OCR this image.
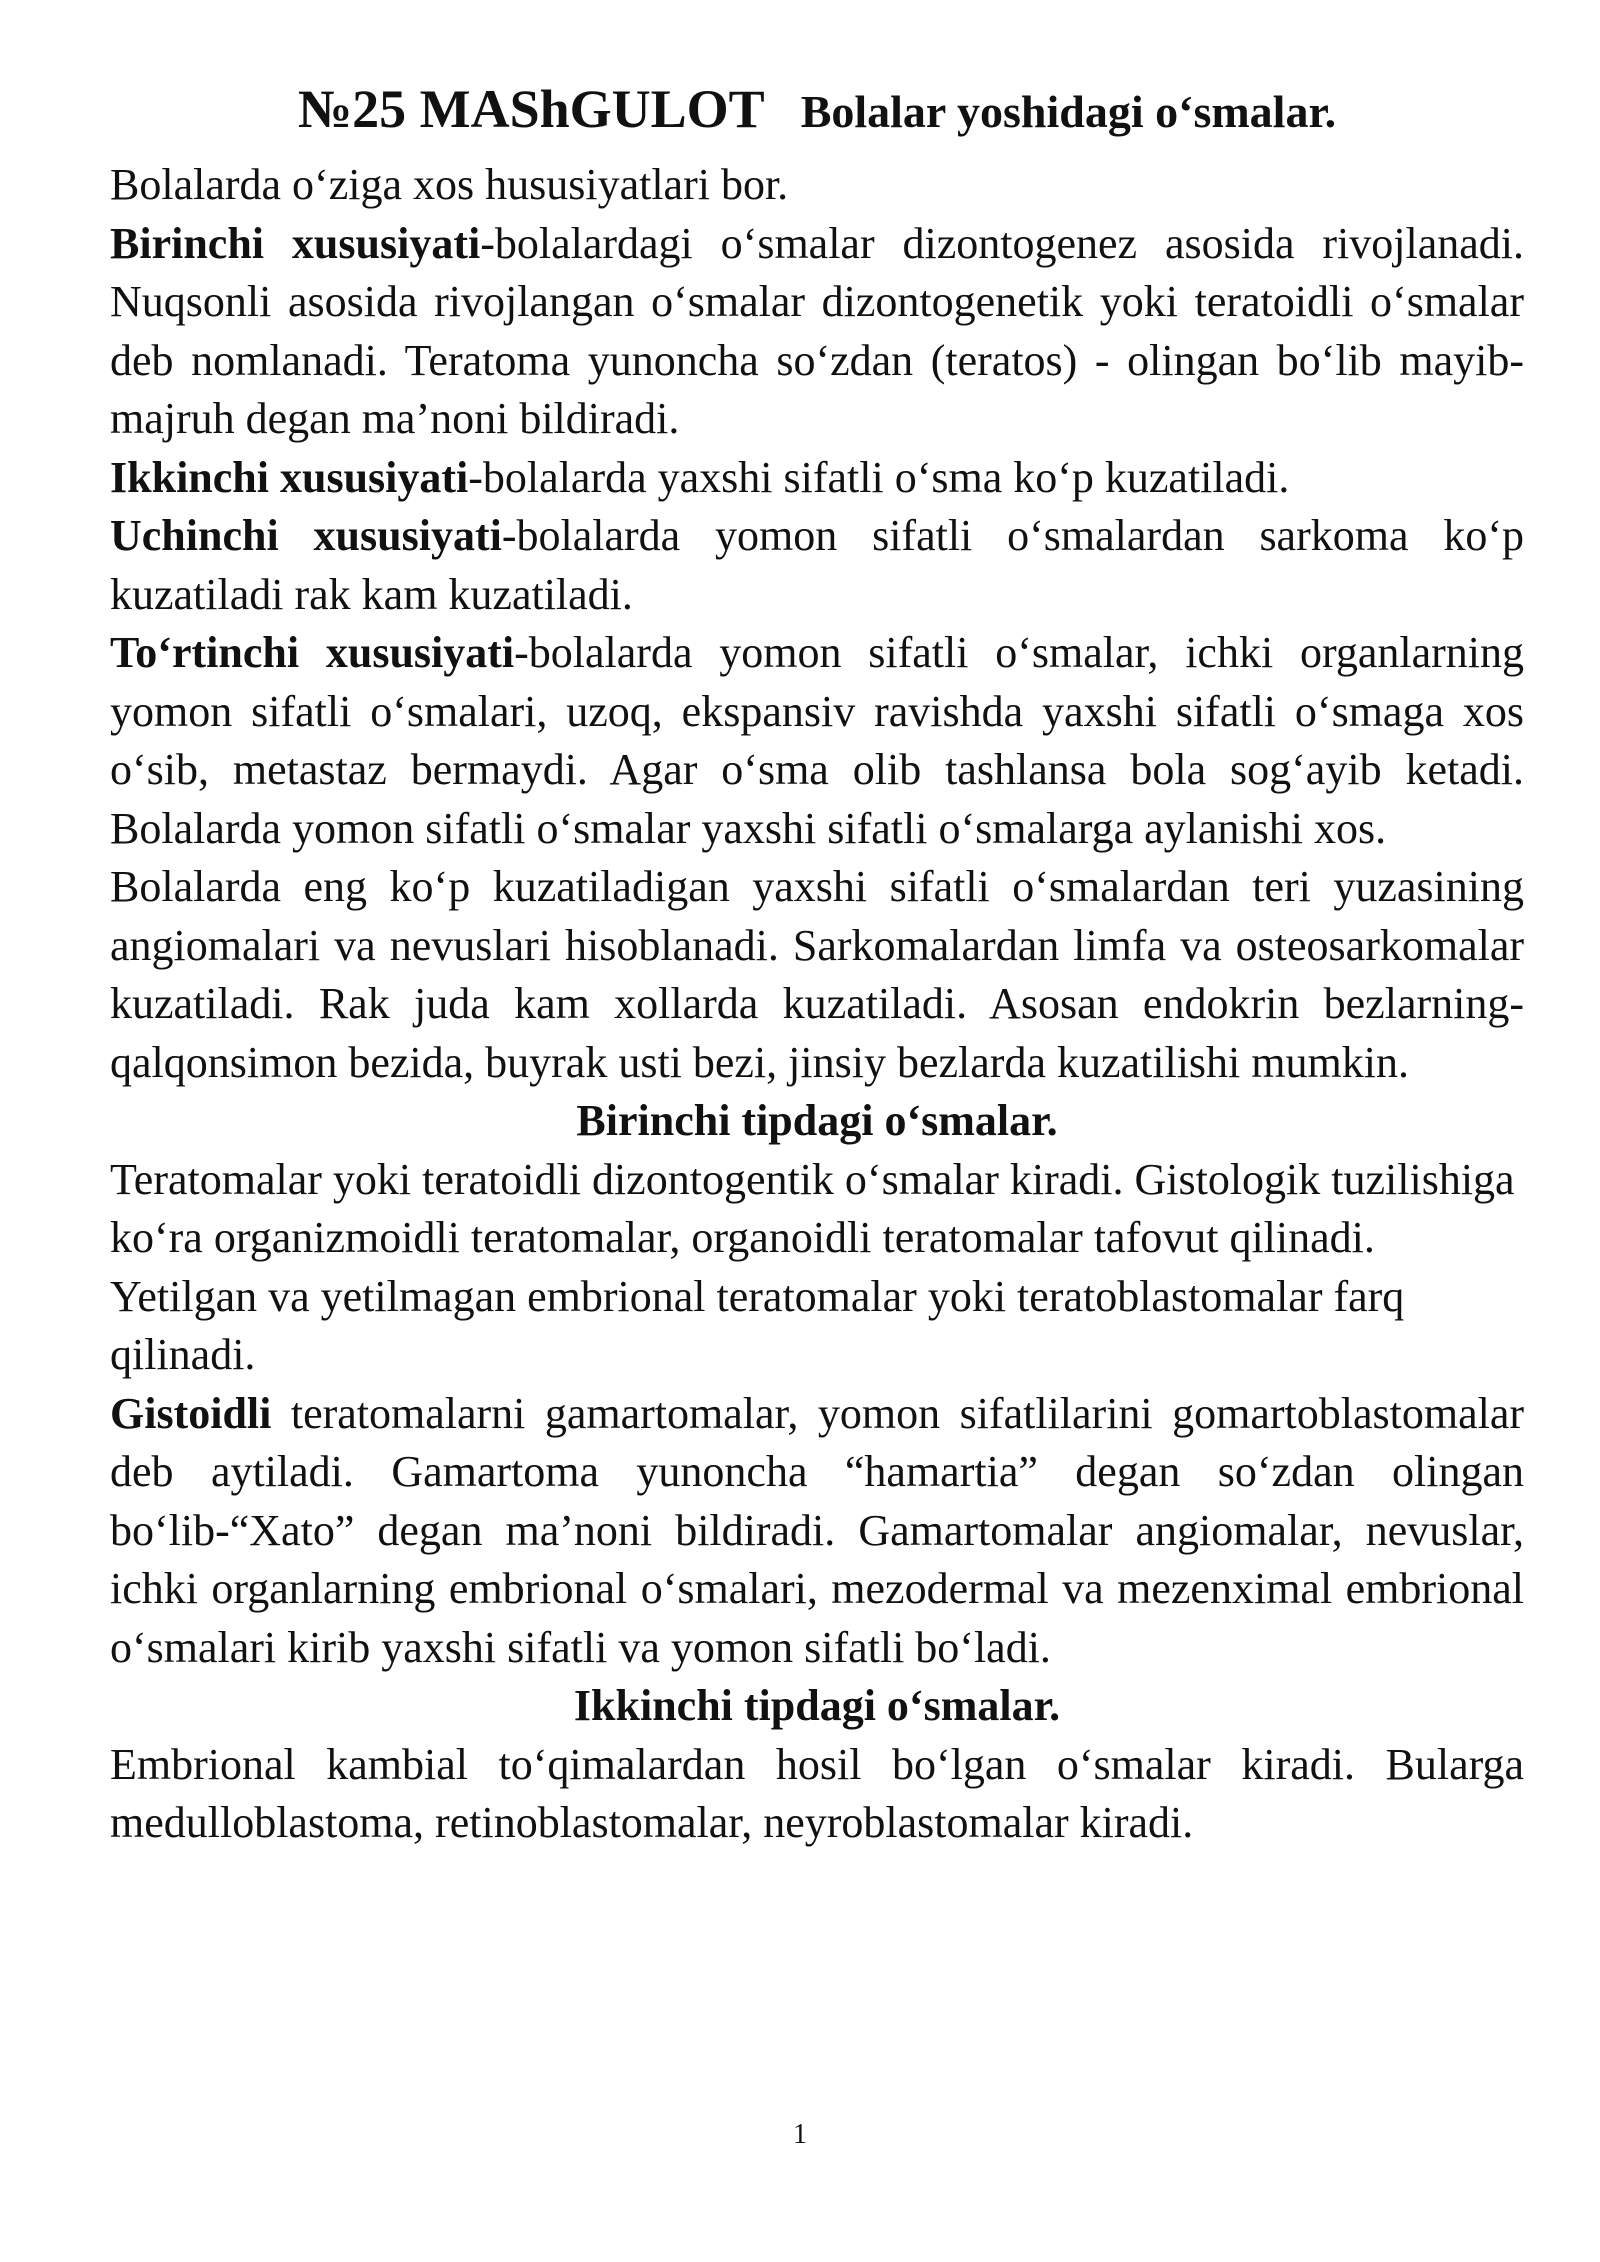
№25 MAShGULOT Bolalar yoshidagi o‘smalar.

Bolalarda o‘ziga xos hususіyatlari bor.

Birinchi xususiyati-bolalardagi o‘smalar dizontogenez asosida rivojlanadi. Nuqsonli asosida rivojlangan o‘smalar dizontogenetik yoki teratoidli o‘smalar deb nomlanadi. Teratoma yunoncha so‘zdan (teratos) - olingan bo‘lib mayib-majruh degan ma’noni bildiradi.

Ikkinchi xususiyati-bolalarda yaxshi sifatli o‘sma ko‘p kuzatiladi.

Uchinchi xususiyati-bolalarda yomon sifatli o‘smalardan sarkoma ko‘p kuzatiladi rak kam kuzatiladi.

To‘rtinchi xususiyati-bolalarda yomon sifatli o‘smalar, ichki organlarning yomon sifatli o‘smalari, uzoq, ekspansiv ravishda yaxshi sifatli o‘smaga xos o‘sib, metastaz bermaydi. Agar o‘sma olib tashlansa bola sog‘ayib ketadi. Bolalarda yomon sifatli o‘smalar yaxshi sifatli o‘smalarga aylanishi xos.

Bolalarda eng ko‘p kuzatiladigan yaxshi sifatli o‘smalardan teri yuzasining angiomalari va nevuslari hisoblanadi. Sarkomalardan limfa va osteosarkomalar kuzatiladi. Rak juda kam xollarda kuzatiladi. Asosan endokrin bezlarning-qalqonsimon bezida, buyrak usti bezi, jinsiy bezlarda kuzatilishi mumkin.

Birinchi tipdagi o‘smalar.

Teratomalar yoki teratoidli dizontogentik o‘smalar kiradi. Gistologik tuzilishiga ko‘ra organizmoidli teratomalar, organoidli teratomalar tafovut qilinadi. Yetilgan va yetilmagan embrional teratomalar yoki teratoblastomalar farq qilinadi.

Gistoidli teratomalarni gamartomalar, yomon sifatlilarini gomartoblastomalar deb aytiladi. Gamartoma yunoncha “hamartia” degan so‘zdan olingan bo‘lib-“Xato” degan ma’noni bildiradi. Gamartomalar angiomalar, nevuslar, ichki organlarning embrional o‘smalari, mezodermal va mezenximal embrional o‘smalari kirib yaxshi sifatli va yomon sifatli bo‘ladi.

Ikkinchi tipdagi o‘smalar.

Embrional kambial to‘qimalardan hosil bo‘lgan o‘smalar kiradi. Bularga medulloblastoma, retinoblastomalar, neyroblastomalar kiradi.

1
